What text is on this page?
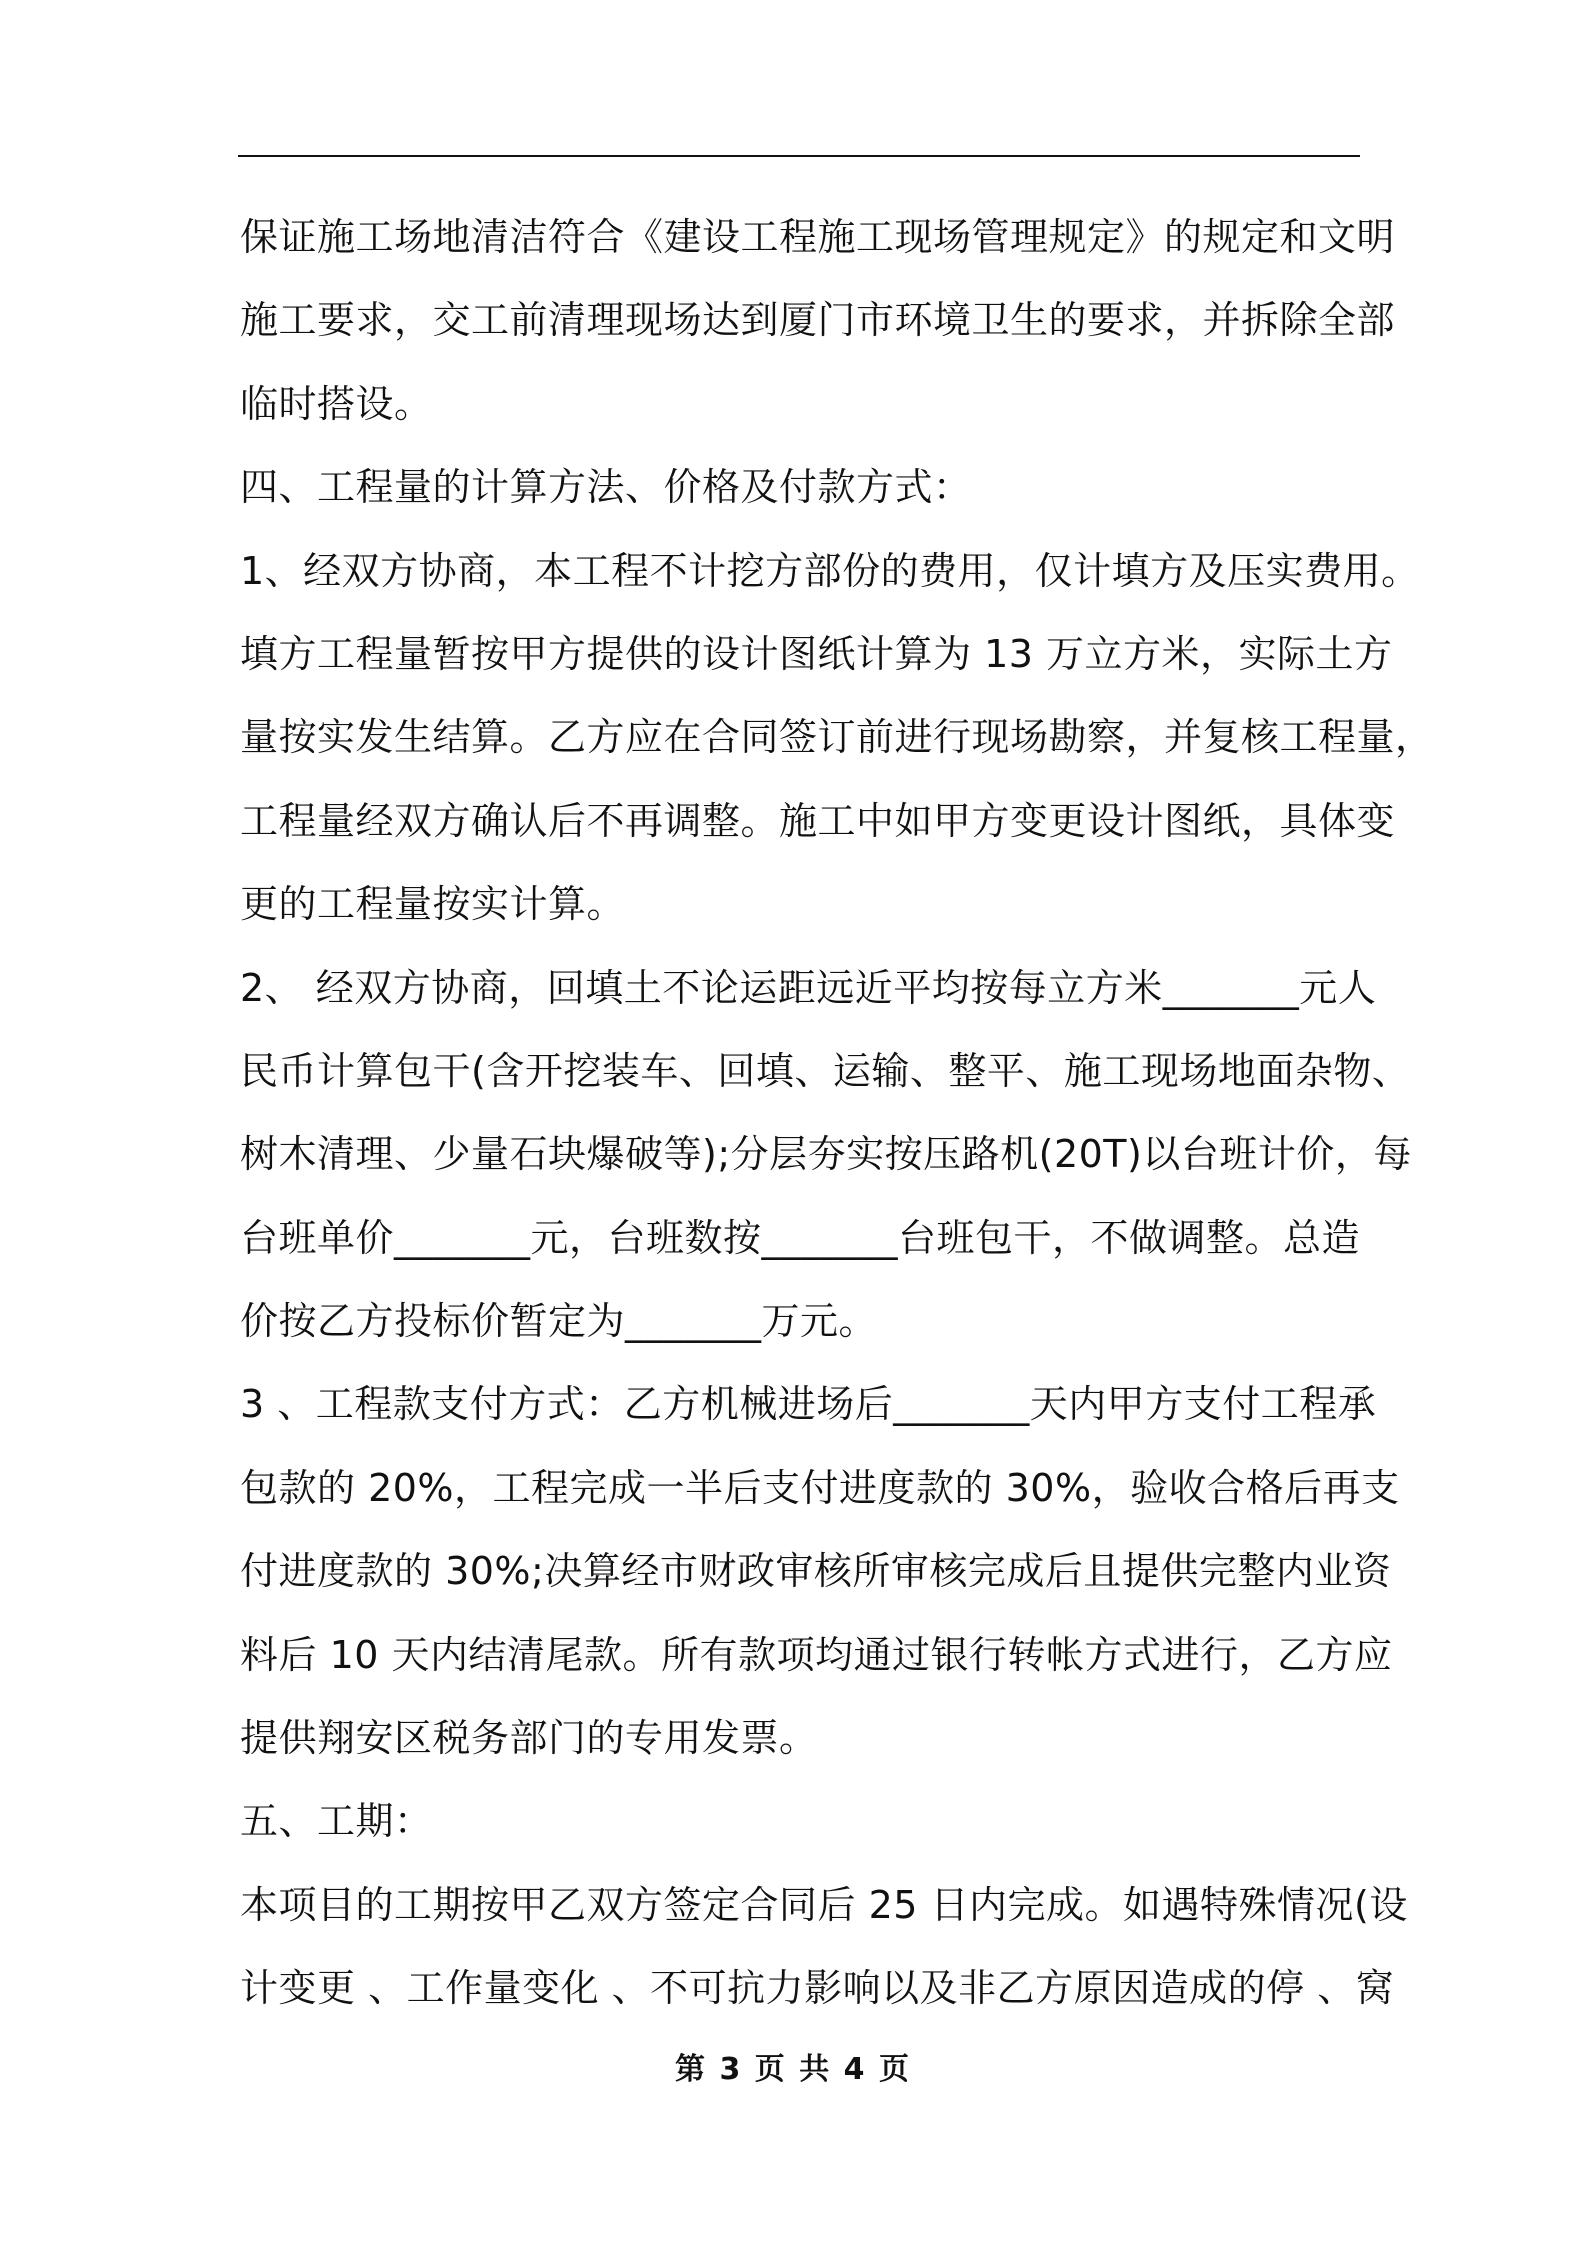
保证施工场地清洁符合《建设工程施工现场管理规定》的规定和文明
施工要求，交工前清理现场达到厦门市环境卫生的要求，并拆除全部
临时搭设。
四、工程量的计算方法、价格及付款方式：
1、经双方协商，本工程不计挖方部份的费用，仅计填方及压实费用。
填方工程量暂按甲方提供的设计图纸计算为 13 万立方米，实际土方
量按实发生结算。乙方应在合同签订前进行现场勘察，并复核工程量，
工程量经双方确认后不再调整。施工中如甲方变更设计图纸，具体变
更的工程量按实计算。
2、 经双方协商，回填土不论运距远近平均按每立方米_______元人
民币计算包干(含开挖装车、回填、运输、整平、施工现场地面杂物、
树木清理、少量石块爆破等);分层夯实按压路机(20T)以台班计价，每
台班单价_______元，台班数按_______台班包干，不做调整。总造
价按乙方投标价暂定为_______万元。
3 、工程款支付方式：乙方机械进场后_______天内甲方支付工程承
包款的 20%，工程完成一半后支付进度款的 30%，验收合格后再支
付进度款的 30%;决算经市财政审核所审核完成后且提供完整内业资
料后 10 天内结清尾款。所有款项均通过银行转帐方式进行，乙方应
提供翔安区税务部门的专用发票。
五、工期：
本项目的工期按甲乙双方签定合同后 25 日内完成。如遇特殊情况(设
计变更 、工作量变化 、不可抗力影响以及非乙方原因造成的停 、窝
第 3 页 共 4 页
